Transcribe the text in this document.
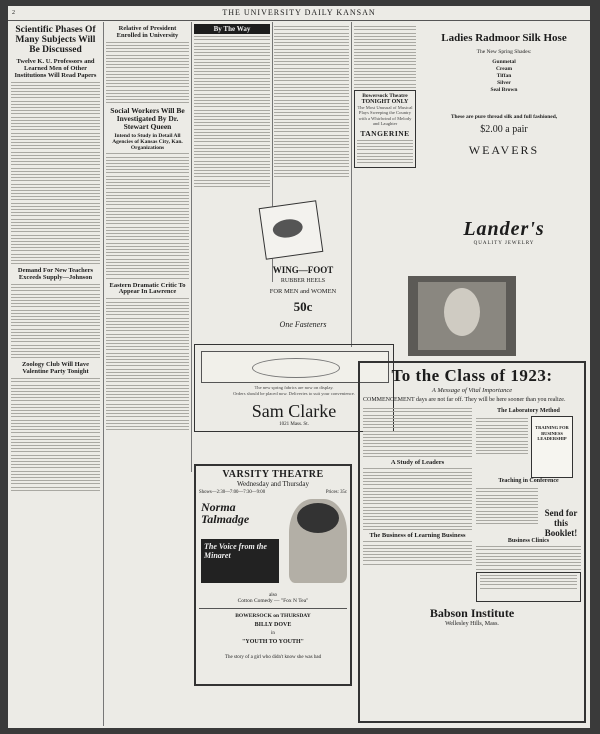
2	THE UNIVERSITY DAILY KANSAN
Scientific Phases Of Many Subjects Will Be Discussed
Twelve K. U. Professors and Learned Men of Other Institutions Will Read Papers
Demand For New Teachers Exceeds Supply—Johnson
Zoology Club Will Have Valentine Party Tonight
Relative of President Enrolled in University
Social Workers Will Be Investigated By Dr. Stewart Queen
Intend to Study in Detail All Agencies of Kansas City, Kan. Organizations
Eastern Dramatic Critic To Appear In Lawrence
By The Way
WING—FOOT
RUBBER HEELS
FOR MEN and WOMEN
50c
One Fasteners
Bowersock Theatre
TONIGHT ONLY
The Most Unusual of Musical Plays Sweeping the Country with a Whirlwind of Melody and Laughter
TANGERINE
Ladies Radmoor Silk Hose
The New Spring Shades:
Gunmetal
Cream
Tiffan
Silver
Seal Brown
These are pure thread silk and full fashioned,
$2.00 a pair
WEAVERS
Lander's
QUALITY JEWELRY
The new spring fabrics are now on display.
Orders should be placed now. Deliveries to suit your convenience.
Sam Clarke
1021 Mass. St.
VARSITY THEATRE
Wednesday and Thursday
Shows—2:30—7:00—7:30—9:00	Prices: 35c
Norma Talmadge
The Voice from the Minaret
also
Cotton Comedy — "Fox N Tea"
BOWERSOCK on THURSDAY
BILLY DOVE
in
"YOUTH TO YOUTH"
The story of a girl who didn't know she was bad
To the Class of 1923:
A Message of Vital Importance
COMMENCEMENT days are not far off. They will be here sooner than you realize.
A Study of Leaders
The Business of Learning Business
The Laboratory Method
TRAINING FOR BUSINESS LEADERSHIP
Teaching in Conference
Send for this Booklet!
Business Clinics
Babson Institute
Wellesley Hills, Mass.
